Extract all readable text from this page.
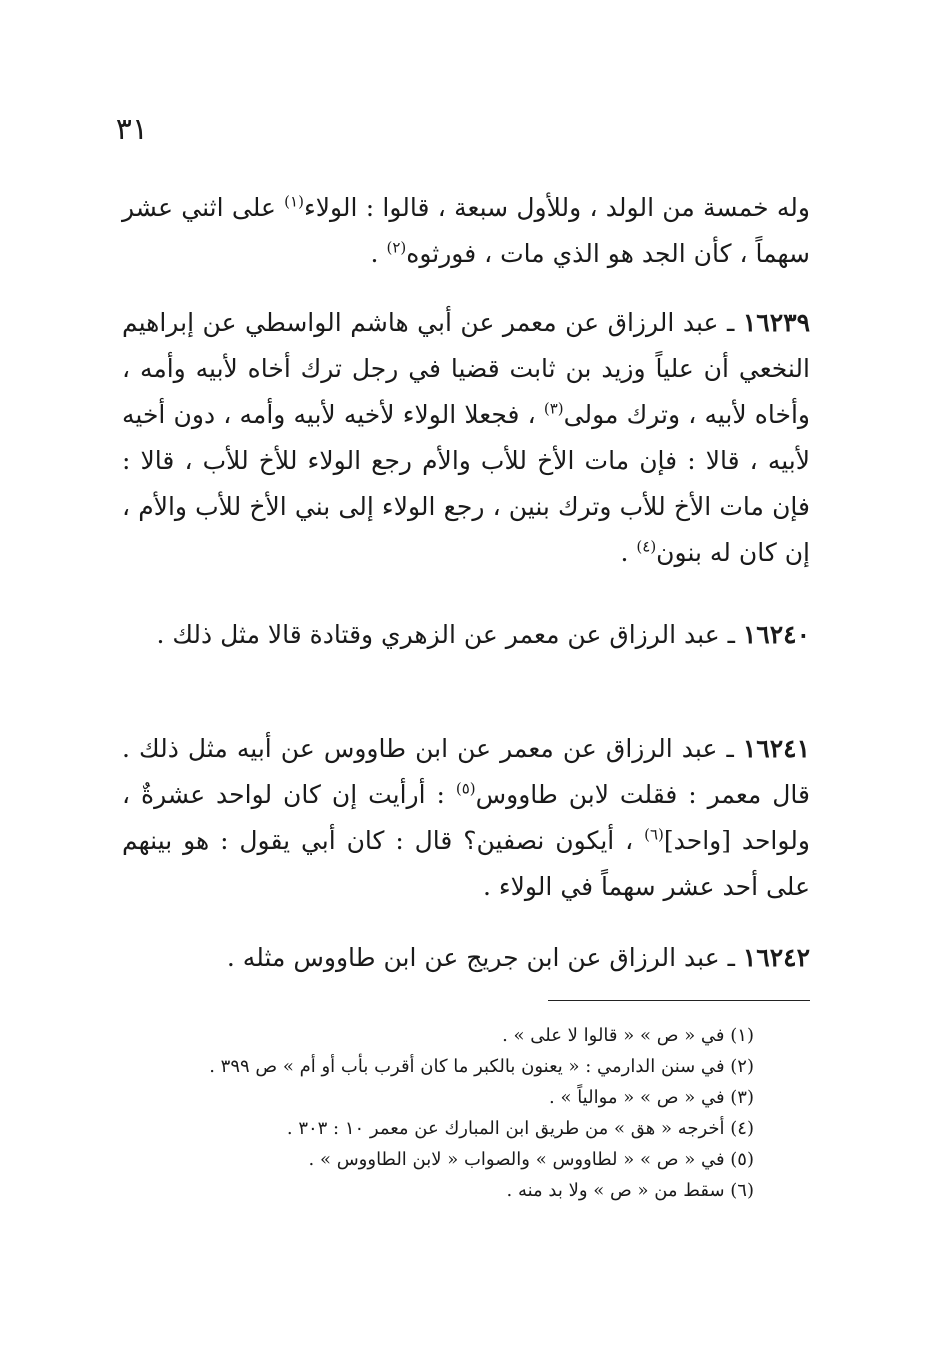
٣١
وله خمسة من الولد ، وللأول سبعة ، قالوا : الولاء$^{(١)}$ على اثني عشر سهماً ، كأن الجد هو الذي مات ، فورثوه$^{(٢)}$ .
١٦٢٣٩ ـ عبد الرزاق عن معمر عن أبي هاشم الواسطي عن إبراهيم النخعي أن علياً وزيد بن ثابت قضيا في رجل ترك أخاه لأبيه وأمه ، وأخاه لأبيه ، وترك مولى$^{(٣)}$ ، فجعلا الولاء لأخيه لأبيه وأمه ، دون أخيه لأبيه ، قالا : فإن مات الأخ للأب والأم رجع الولاء للأخ للأب ، قالا : فإن مات الأخ للأب وترك بنين ، رجع الولاء إلى بني الأخ للأب والأم ، إن كان له بنون$^{(٤)}$ .
١٦٢٤٠ ـ عبد الرزاق عن معمر عن الزهري وقتادة قالا مثل ذلك .
١٦٢٤١ ـ عبد الرزاق عن معمر عن ابن طاووس عن أبيه مثل ذلك . قال معمر : فقلت لابن طاووس$^{(٥)}$ : أرأيت إن كان لواحد عشرةٌ ، ولواحد [واحد]$^{(٦)}$ ، أيكون نصفين؟ قال : كان أبي يقول : هو بينهم على أحد عشر سهماً في الولاء .
١٦٢٤٢ ـ عبد الرزاق عن ابن جريج عن ابن طاووس مثله .
(١) في « ص » « قالوا لا على » .
(٢) في سنن الدارمي : « يعنون بالكبر ما كان أقرب بأب أو أم » ص ٣٩٩ .
(٣) في « ص » « موالياً » .
(٤) أخرجه « هق » من طريق ابن المبارك عن معمر ١٠ : ٣٠٣ .
(٥) في « ص » « لطاووس » والصواب « لابن الطاووس » .
(٦) سقط من « ص » ولا بد منه .
